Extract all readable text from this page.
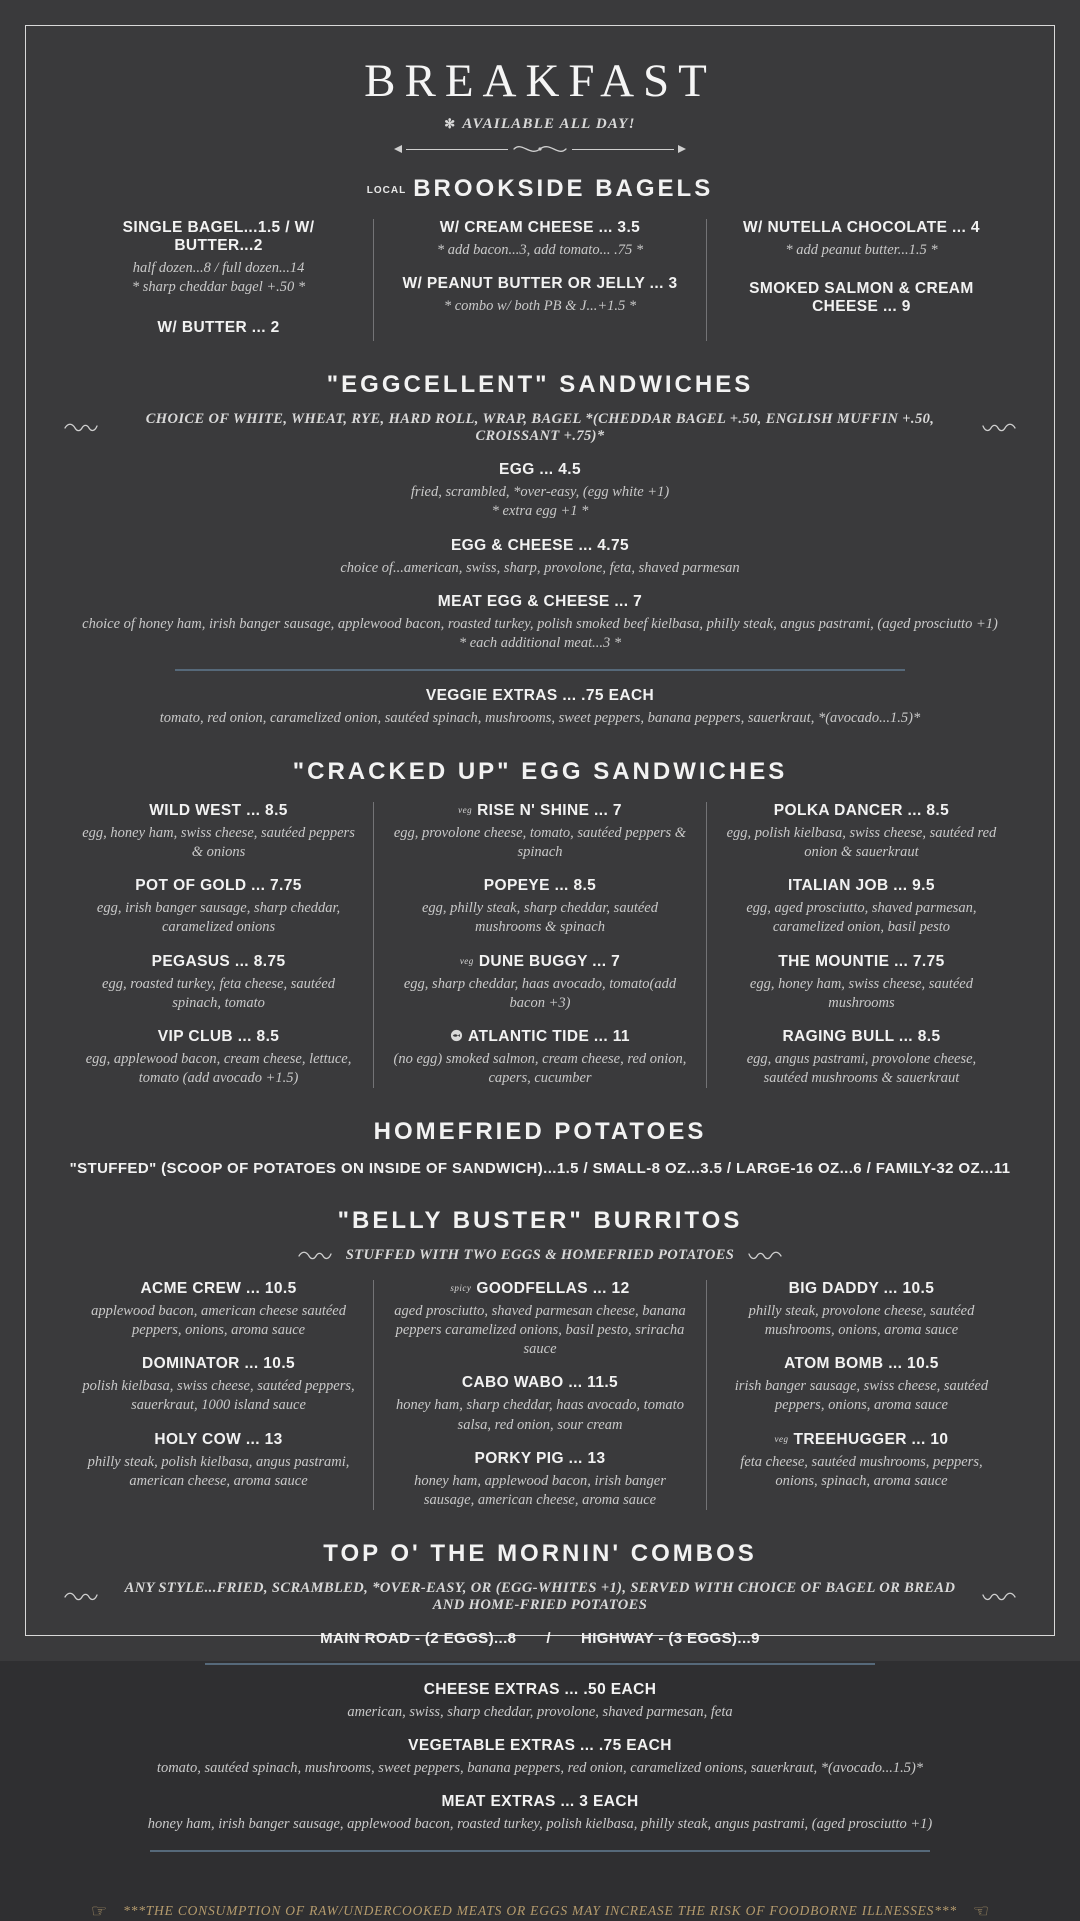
BREAKFAST
✻ AVAILABLE ALL DAY!
LOCAL BROOKSIDE BAGELS
SINGLE BAGEL...1.5 / W/ BUTTER...2
half dozen...8 / full dozen...14
* sharp cheddar bagel +.50 *
W/ BUTTER ... 2
W/ CREAM CHEESE ... 3.5
* add bacon...3, add tomato... .75 *
W/ PEANUT BUTTER OR JELLY ... 3
* combo w/ both PB & J...+1.5 *
W/ NUTELLA CHOCOLATE ... 4
* add peanut butter...1.5 *
SMOKED SALMON & CREAM CHEESE ... 9
"EGGCELLENT" SANDWICHES
CHOICE OF WHITE, WHEAT, RYE, HARD ROLL, WRAP, BAGEL *(CHEDDAR BAGEL +.50, ENGLISH MUFFIN +.50, CROISSANT +.75)*
EGG ... 4.5
fried, scrambled, *over-easy, (egg white +1)
* extra egg +1 *
EGG & CHEESE ... 4.75
choice of...american, swiss, sharp, provolone, feta, shaved parmesan
MEAT EGG & CHEESE ... 7
choice of honey ham, irish banger sausage, applewood bacon, roasted turkey, polish smoked beef kielbasa, philly steak, angus pastrami, (aged prosciutto +1)
* each additional meat...3 *
VEGGIE EXTRAS ... .75 EACH
tomato, red onion, caramelized onion, sautéed spinach, mushrooms, sweet peppers, banana peppers, sauerkraut, *(avocado...1.5)*
"CRACKED UP" EGG SANDWICHES
WILD WEST ... 8.5
egg, honey ham, swiss cheese, sautéed peppers & onions
POT OF GOLD ... 7.75
egg, irish banger sausage, sharp cheddar, caramelized onions
PEGASUS ... 8.75
egg, roasted turkey, feta cheese, sautéed spinach, tomato
VIP CLUB ... 8.5
egg, applewood bacon, cream cheese, lettuce, tomato (add avocado +1.5)
veg RISE N' SHINE ... 7
egg, provolone cheese, tomato, sautéed peppers & spinach
POPEYE ... 8.5
egg, philly steak, sharp cheddar, sautéed mushrooms & spinach
veg DUNE BUGGY ... 7
egg, sharp cheddar, haas avocado, tomato(add bacon +3)
ATLANTIC TIDE ... 11
(no egg) smoked salmon, cream cheese, red onion, capers, cucumber
POLKA DANCER ... 8.5
egg, polish kielbasa, swiss cheese, sautéed red onion & sauerkraut
ITALIAN JOB ... 9.5
egg, aged prosciutto, shaved parmesan, caramelized onion, basil pesto
THE MOUNTIE ... 7.75
egg, honey ham, swiss cheese, sautéed mushrooms
RAGING BULL ... 8.5
egg, angus pastrami, provolone cheese, sautéed mushrooms & sauerkraut
HOMEFRIED POTATOES
"STUFFED" (SCOOP OF POTATOES ON INSIDE OF SANDWICH)...1.5 / SMALL-8 OZ...3.5 / LARGE-16 OZ...6 / FAMILY-32 OZ...11
"BELLY BUSTER" BURRITOS
STUFFED WITH TWO EGGS & HOMEFRIED POTATOES
ACME CREW ... 10.5
applewood bacon, american cheese sautéed peppers, onions, aroma sauce
DOMINATOR ... 10.5
polish kielbasa, swiss cheese, sautéed peppers, sauerkraut, 1000 island sauce
HOLY COW ... 13
philly steak, polish kielbasa, angus pastrami, american cheese, aroma sauce
spicy GOODFELLAS ... 12
aged prosciutto, shaved parmesan cheese, banana peppers caramelized onions, basil pesto, sriracha sauce
CABO WABO ... 11.5
honey ham, sharp cheddar, haas avocado, tomato salsa, red onion, sour cream
PORKY PIG ... 13
honey ham, applewood bacon, irish banger sausage, american cheese, aroma sauce
BIG DADDY ... 10.5
philly steak, provolone cheese, sautéed mushrooms, onions, aroma sauce
ATOM BOMB ... 10.5
irish banger sausage, swiss cheese, sautéed peppers, onions, aroma sauce
veg TREEHUGGER ... 10
feta cheese, sautéed mushrooms, peppers, onions, spinach, aroma sauce
TOP O' THE MORNIN' COMBOS
ANY STYLE...FRIED, SCRAMBLED, *OVER-EASY, OR (EGG-WHITES +1), SERVED WITH CHOICE OF BAGEL OR BREAD AND HOME-FRIED POTATOES
MAIN ROAD - (2 EGGS)...8 / HIGHWAY - (3 EGGS)...9
CHEESE EXTRAS ... .50 EACH
american, swiss, sharp cheddar, provolone, shaved parmesan, feta
VEGETABLE EXTRAS ... .75 EACH
tomato, sautéed spinach, mushrooms, sweet peppers, banana peppers, red onion, caramelized onions, sauerkraut, *(avocado...1.5)*
MEAT EXTRAS ... 3 EACH
honey ham, irish banger sausage, applewood bacon, roasted turkey, polish kielbasa, philly steak, angus pastrami, (aged prosciutto +1)
☞ ***THE CONSUMPTION OF RAW/UNDERCOOKED MEATS OR EGGS MAY INCREASE THE RISK OF FOODBORNE ILLNESSES*** ☜
